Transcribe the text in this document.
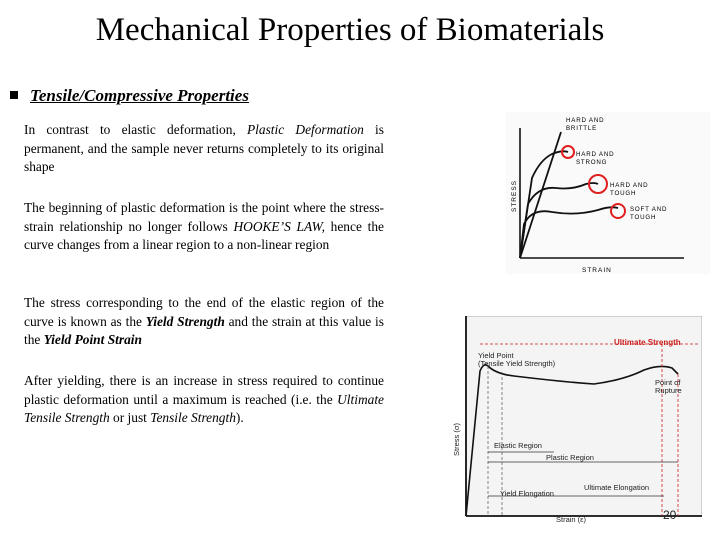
Mechanical Properties of Biomaterials
Tensile/Compressive Properties
In contrast to elastic deformation, Plastic Deformation is permanent, and the sample never returns completely to its original shape
The beginning of plastic deformation is the point where the stress-strain relationship no longer follows HOOKE’S LAW, hence the curve changes from a linear region to a non-linear region
The stress corresponding to the end of the elastic region of the curve is known as the Yield Strength and the strain at this value is the Yield Point Strain
After yielding, there is an increase in stress required to continue plastic deformation until a maximum is reached (i.e. the Ultimate Tensile Strength or just Tensile Strength).
STRESS
STRAIN
HARD AND
BRITTLE
HARD AND
STRONG
HARD AND
TOUGH
SOFT AND
TOUGH
Ultimate Strength
Yield Point
(Tensile Yield Strength)
Point of
Rupture
Stress (σ)
Strain (ε)
Elastic Region
Plastic Region
Yield Elongation
Ultimate Elongation
20
